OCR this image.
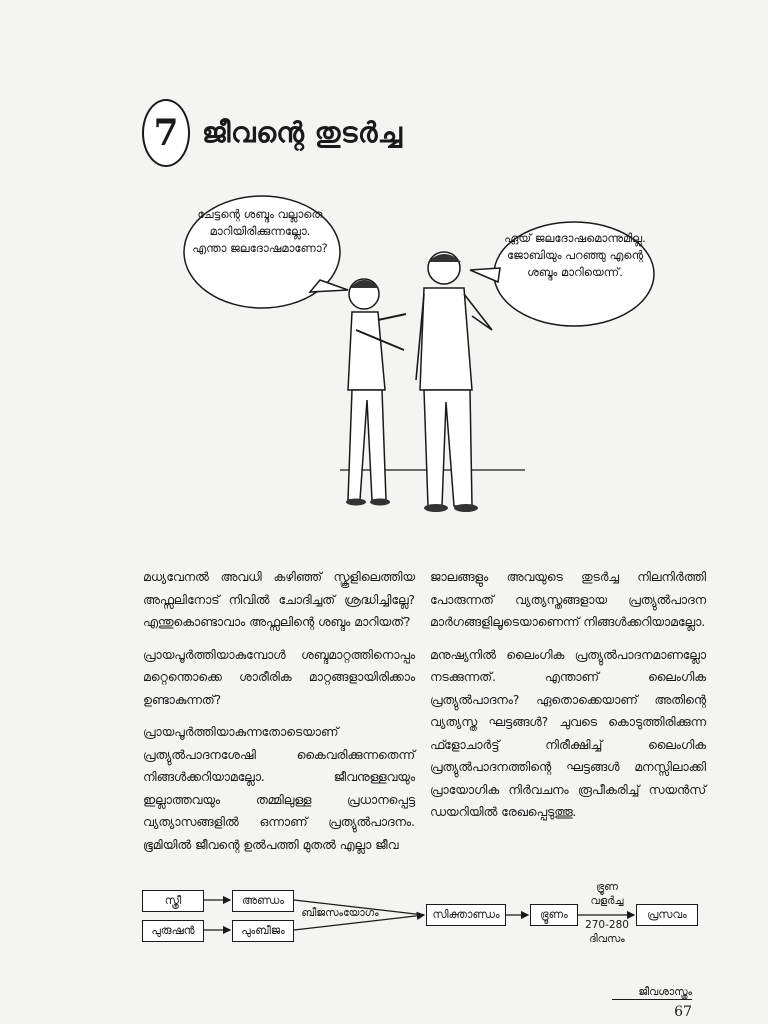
7 ജീവന്റെ തുടർച്ച
ചേട്ടന്റെ ശബ്ദം വല്ലാതെ മാറിയിരിക്കുന്നല്ലോ. എന്താ ജലദോഷമാണോ?
ഏയ് ജലദോഷമൊന്നുമില്ല. ജോബിയും പറഞ്ഞു എന്റെ ശബ്ദം മാറിയെന്ന്.

മധ്യവേനൽ അവധി കഴിഞ്ഞ് സ്കൂളിലെത്തിയ അഫ്സലിനോട് നിവിൽ ചോദിച്ചത് ശ്രദ്ധിച്ചില്ലേ? എന്തുകൊണ്ടാവാം അഫ്സലിന്റെ ശബ്ദം മാറിയത്?

പ്രായപൂർത്തിയാകുമ്പോൾ ശബ്ദമാറ്റത്തിനൊപ്പം മറ്റെന്തൊക്കെ ശാരീരിക മാറ്റങ്ങളായിരിക്കാം ഉണ്ടാകുന്നത്?

പ്രായപൂർത്തിയാകുന്നതോടെയാണ് പ്രത്യുൽപാദനശേഷി കൈവരിക്കുന്നതെന്ന് നിങ്ങൾക്കറിയാമല്ലോ. ജീവനുള്ളവയും ഇല്ലാത്തവയും തമ്മിലുള്ള പ്രധാനപ്പെട്ട വ്യത്യാസങ്ങളിൽ ഒന്നാണ് പ്രത്യുൽപാദനം. ഭൂമിയിൽ ജീവന്റെ ഉൽപത്തി മുതൽ എല്ലാ ജീവ

ജാലങ്ങളും അവയുടെ തുടർച്ച നിലനിർത്തി പോരുന്നത് വ്യത്യസ്തങ്ങളായ പ്രത്യുൽപാദന മാർഗങ്ങളിലൂടെയാണെന്ന് നിങ്ങൾക്കറിയാമല്ലോ.

മനുഷ്യനിൽ ലൈംഗിക പ്രത്യുൽപാദനമാണല്ലോ നടക്കുന്നത്. എന്താണ് ലൈംഗിക പ്രത്യുൽപാദനം? ഏതൊക്കെയാണ് അതിന്റെ വ്യത്യസ്ത ഘട്ടങ്ങൾ? ചുവടെ കൊടുത്തിരിക്കുന്ന ഫ്ളോചാർട്ട് നിരീക്ഷിച്ച് ലൈംഗിക പ്രത്യുൽപാദനത്തിന്റെ ഘട്ടങ്ങൾ മനസ്സിലാക്കി പ്രായോഗിക നിർവചനം രൂപീകരിച്ച് സയൻസ് ഡയറിയിൽ രേഖപ്പെടുത്തൂ.

സ്ത്രീ
പുരുഷൻ
അണ്ഡം
പുംബീജം
ബീജസംയോഗം	സിക്താണ്ഡം	ഭ്രൂണം
ഭ്രൂണ വളർച്ച
270-280 ദിവസം
പ്രസവം
ജീവശാസ്ത്രം
67
